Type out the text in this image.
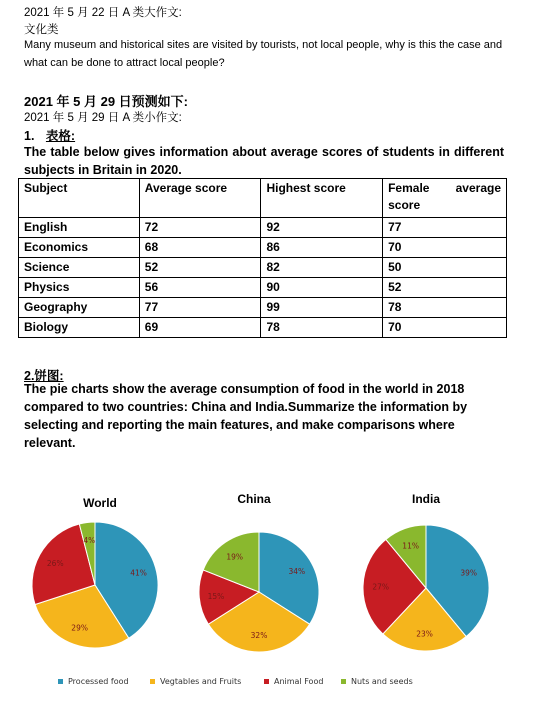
2021 年 5 月 22 日 A 类大作文:
文化类
Many museum and historical sites are visited by tourists, not local people, why is this the case and what can be done to attract local people?
2021 年 5 月 29 日预测如下:
2021 年 5 月 29 日 A 类小作文:
1. 表格:
The table below gives information about average scores of students in different subjects in Britain in 2020.
Subject	Average score	Highest score	Female average
score

English	72	92	77
Economics	68	86	70
Science	52	82	50
Physics	56	90	52
Geography	77	99	78
Biology	69	78	70
2.饼图:
The pie charts show the average consumption of food in the world in 2018 compared to two countries: China and India.Summarize the information by selecting and reporting the main features, and make comparisons where relevant.
World	China	India
41%
29%
26%
4%
34%
32%
15%
19%
39%
23%
27%
11%
Processed food	Vegtables and Fruits	Animal Food	Nuts and seeds
